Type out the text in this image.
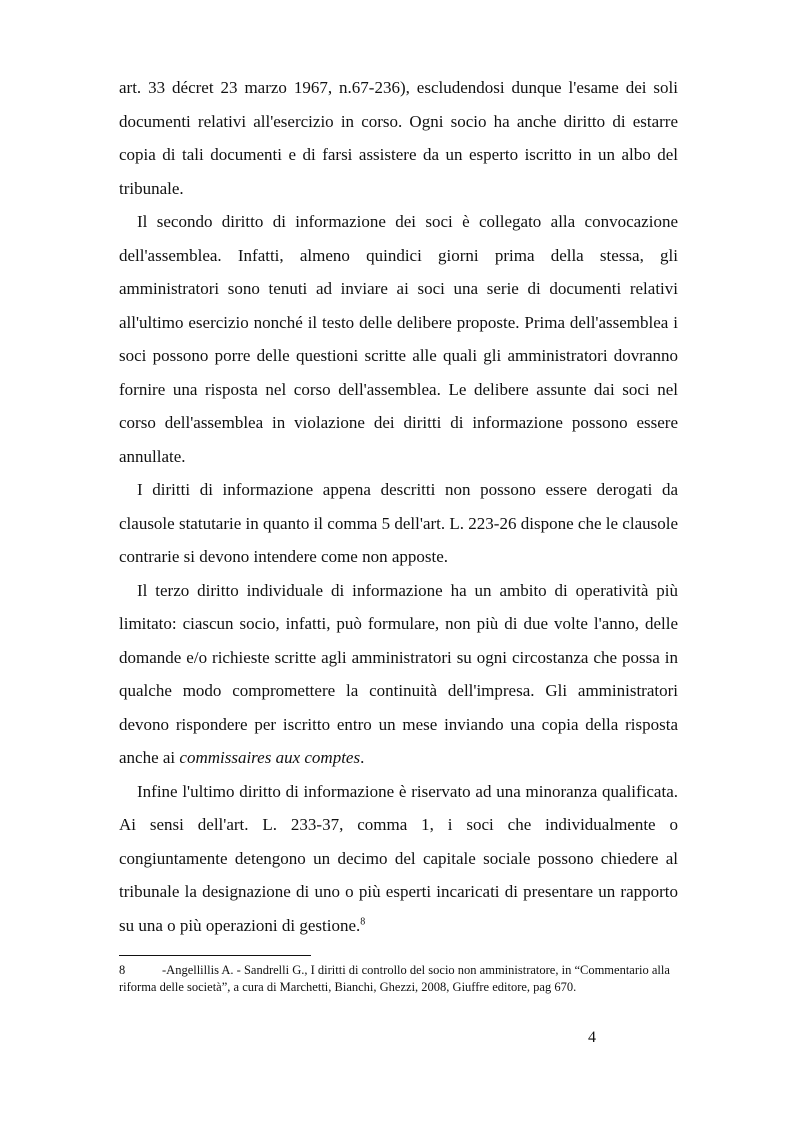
art. 33 décret 23 marzo 1967, n.67-236), escludendosi dunque l'esame dei soli documenti relativi all'esercizio in corso. Ogni socio ha anche diritto di estarre copia di tali documenti e di farsi assistere da un esperto iscritto in un albo del tribunale.

Il secondo diritto di informazione dei soci è collegato alla convocazione dell'assemblea. Infatti, almeno quindici giorni prima della stessa, gli amministratori sono tenuti ad inviare ai soci una serie di documenti relativi all'ultimo esercizio nonché il testo delle delibere proposte. Prima dell'assemblea i soci possono porre delle questioni scritte alle quali gli amministratori dovranno fornire una risposta nel corso dell'assemblea. Le delibere assunte dai soci nel corso dell'assemblea in violazione dei diritti di informazione possono essere annullate.

I diritti di informazione appena descritti non possono essere derogati da clausole statutarie in quanto il comma 5 dell'art. L. 223-26 dispone che le clausole contrarie si devono intendere come non apposte.

Il terzo diritto individuale di informazione ha un ambito di operatività più limitato: ciascun socio, infatti, può formulare, non più di due volte l'anno, delle domande e/o richieste scritte agli amministratori su ogni circostanza che possa in qualche modo compromettere la continuità dell'impresa. Gli amministratori devono rispondere per iscritto entro un mese inviando una copia della risposta anche ai commissaires aux comptes.

Infine l'ultimo diritto di informazione è riservato ad una minoranza qualificata. Ai sensi dell'art. L. 233-37, comma 1, i soci che individualmente o congiuntamente detengono un decimo del capitale sociale possono chiedere al tribunale la designazione di uno o più esperti incaricati di presentare un rapporto su una o più operazioni di gestione.$^8$

8	-Angellillis A. - Sandrelli G., I diritti di controllo del socio non amministratore, in “Commentario alla riforma delle società”, a cura di Marchetti, Bianchi, Ghezzi, 2008, Giuffre editore, pag 670.
4
